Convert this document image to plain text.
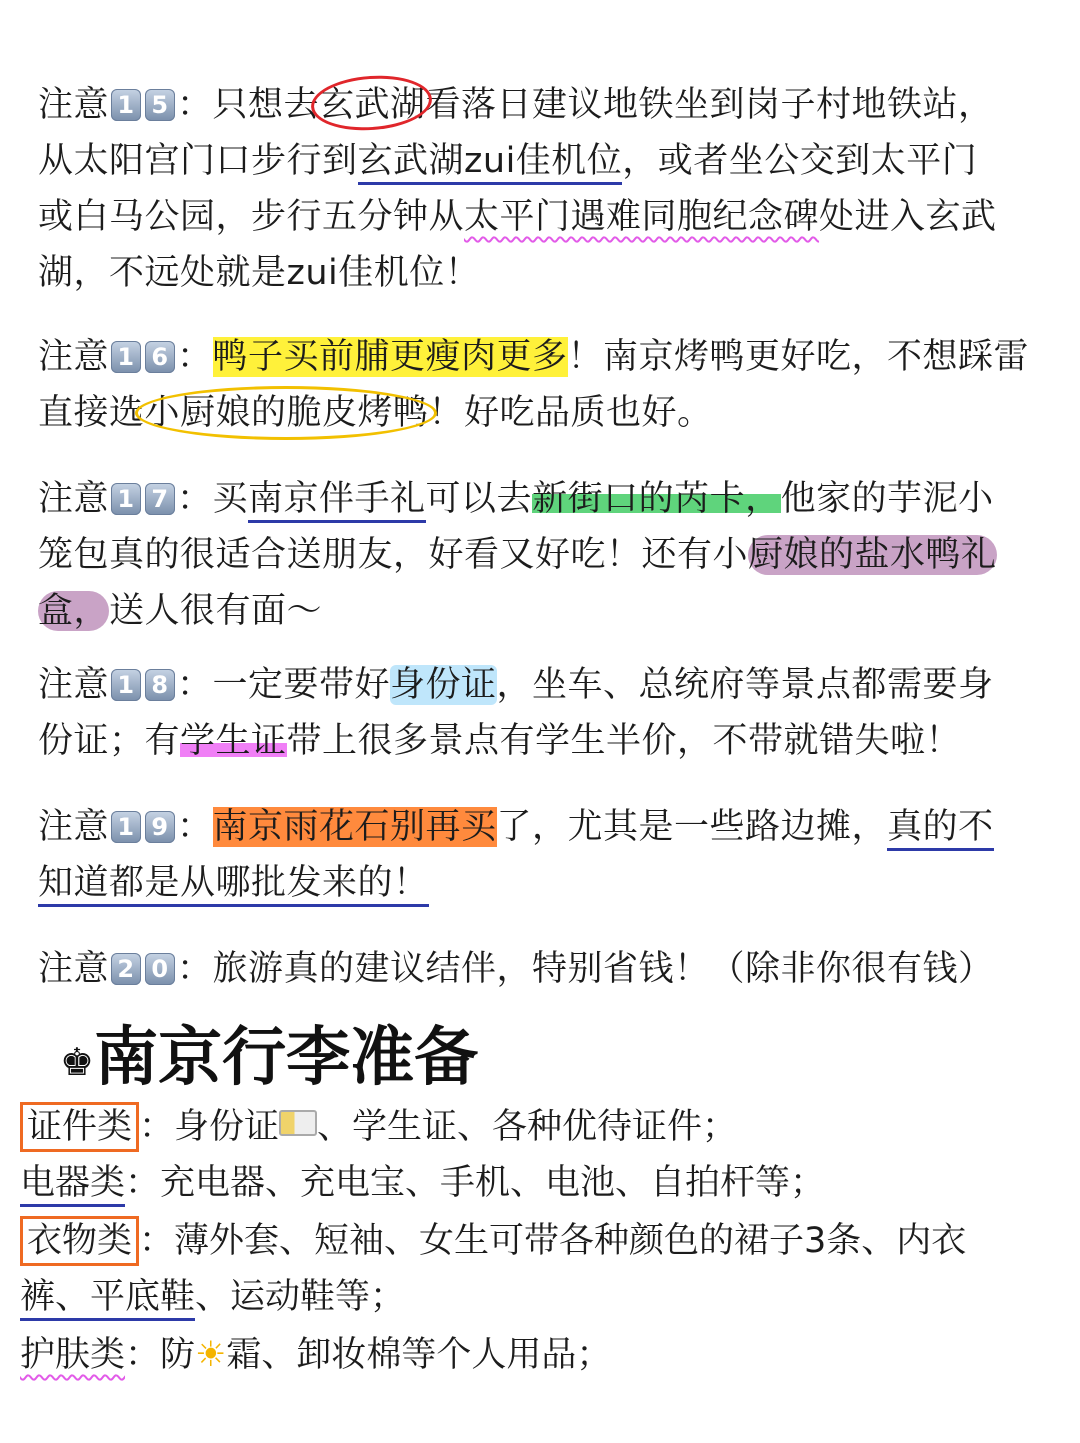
注意 1 5 ：只想去玄武湖看落日建议地铁坐到岗子村地铁站，
从太阳宫门口步行到玄武湖zui佳机位，或者坐公交到太平门
或白马公园，步行五分钟从太平门遇难同胞纪念碑处进入玄武
湖，不远处就是zui佳机位！
注意 1 6 ：鸭子买前脯更瘦肉更多！南京烤鸭更好吃，不想踩雷
直接选小厨娘的脆皮烤鸭！好吃品质也好。
注意 1 7 ：买南京伴手礼可以去新街口的芮卡，他家的芋泥小
笼包真的很适合送朋友，好看又好吃！还有小厨娘的盐水鸭礼
盒，送人很有面～
注意 1 8 ：一定要带好身份证，坐车、总统府等景点都需要身
份证；有学生证带上很多景点有学生半价，不带就错失啦！
注意 1 9 ：南京雨花石别再买了，尤其是一些路边摊，真的不
知道都是从哪批发来的！
注意 2 0 ：旅游真的建议结伴，特别省钱！（除非你很有钱）
♚南京行李准备
证件类 ：身份证 、学生证、各种优待证件；
电器类：充电器、充电宝、手机、电池、自拍杆等；
衣物类 ：薄外套、短袖、女生可带各种颜色的裙子3条、内衣
裤、平底鞋、运动鞋等；
护肤类：防☀霜、卸妆棉等个人用品；
